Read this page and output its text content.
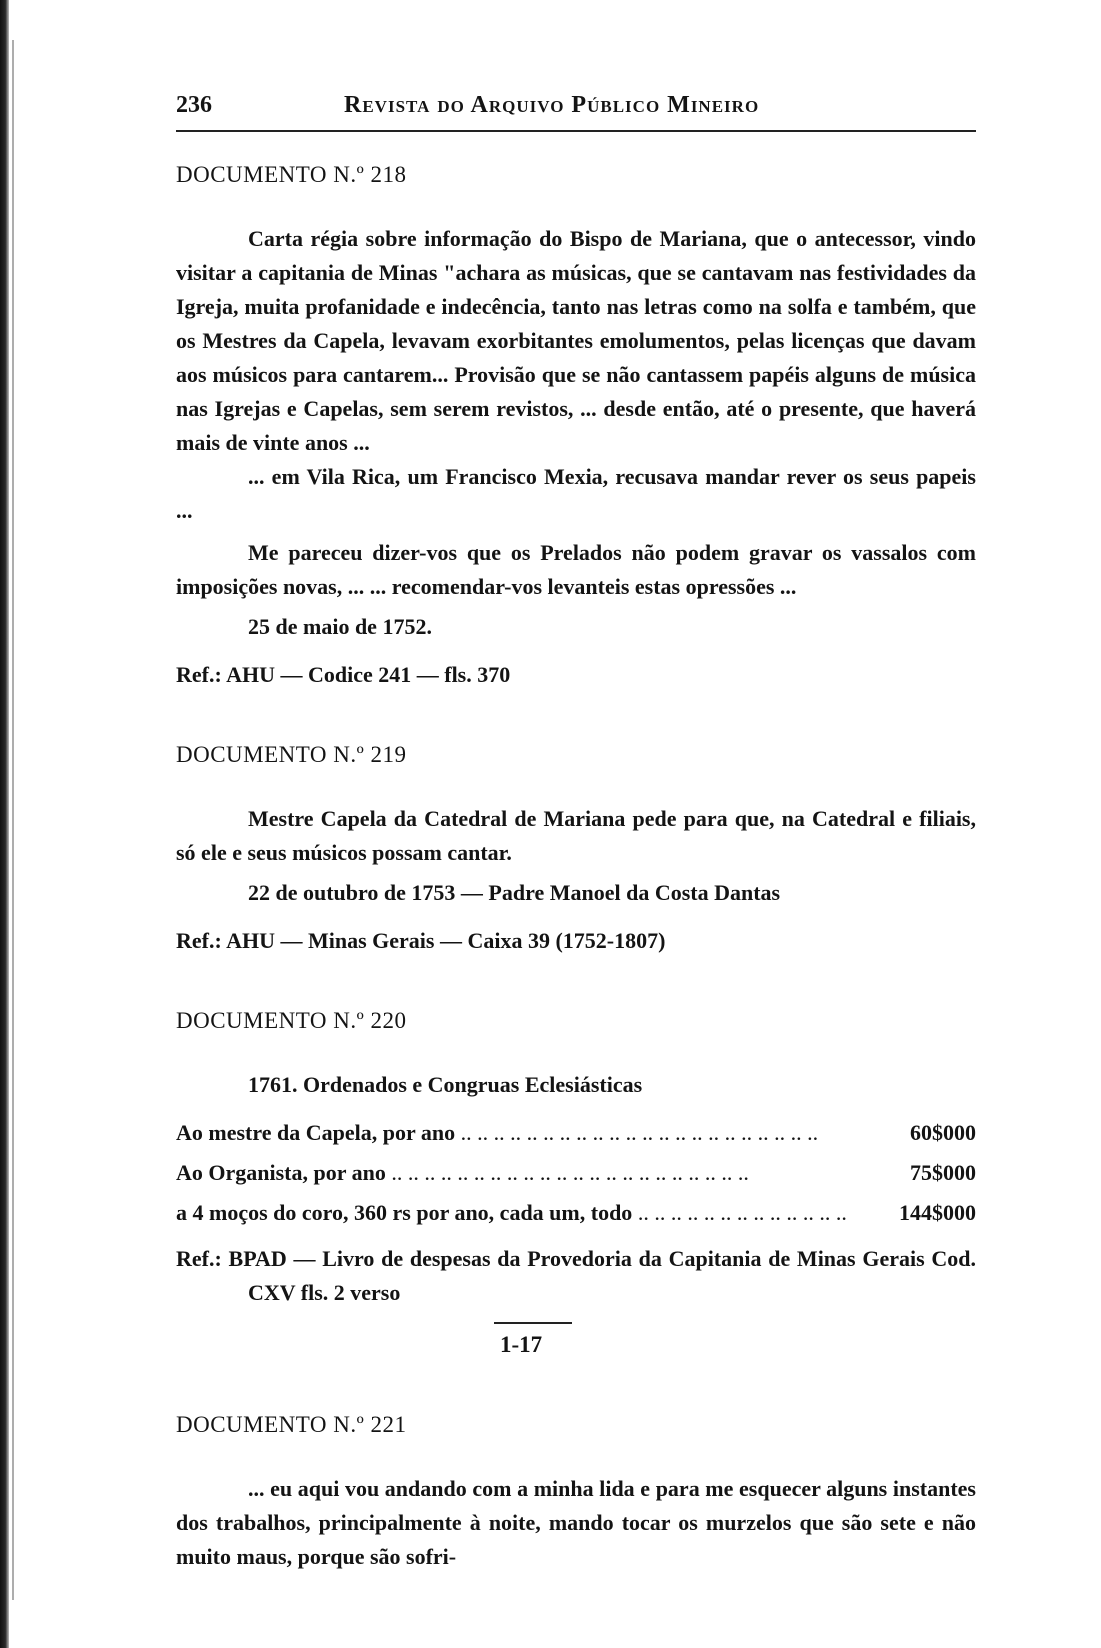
236	Revista do Arquivo Público Mineiro
DOCUMENTO N.º 218

Carta régia sobre informação do Bispo de Mariana, que o antecessor, vindo visitar a capitania de Minas "achara as músicas, que se cantavam nas festividades da Igreja, muita profanidade e indecência, tanto nas letras como na solfa e também, que os Mestres da Capela, levavam exorbitantes emolumentos, pelas licenças que davam aos músicos para cantarem... Provisão que se não cantassem papéis alguns de música nas Igrejas e Capelas, sem serem revistos, ... desde então, até o presente, que haverá mais de vinte anos ...

... em Vila Rica, um Francisco Mexia, recusava mandar rever os seus papeis ...

Me pareceu dizer-vos que os Prelados não podem gravar os vassalos com imposições novas, ... ... recomendar-vos levanteis estas opressões ...

25 de maio de 1752.
Ref.: AHU — Codice 241 — fls. 370
DOCUMENTO N.º 219

Mestre Capela da Catedral de Mariana pede para que, na Catedral e filiais, só ele e seus músicos possam cantar.

22 de outubro de 1753 — Padre Manoel da Costa Dantas
Ref.: AHU — Minas Gerais — Caixa 39 (1752-1807)
DOCUMENTO N.º 220
1761. Ordenados e Congruas Eclesiásticas
Ao mestre da Capela, por ano .. ..	60$000
Ao Organista, por ano .. ..	75$000
a 4 moços do coro, 360 rs por ano, cada um, todo .. ..	144$000

Ref.: BPAD — Livro de despesas da Provedoria da Capitania de Minas Gerais Cod. CXV fls. 2 verso

1-17
DOCUMENTO N.º 221

... eu aqui vou andando com a minha lida e para me esquecer alguns instantes dos trabalhos, principalmente à noite, mando tocar os murzelos que são sete e não muito maus, porque são sofri-
